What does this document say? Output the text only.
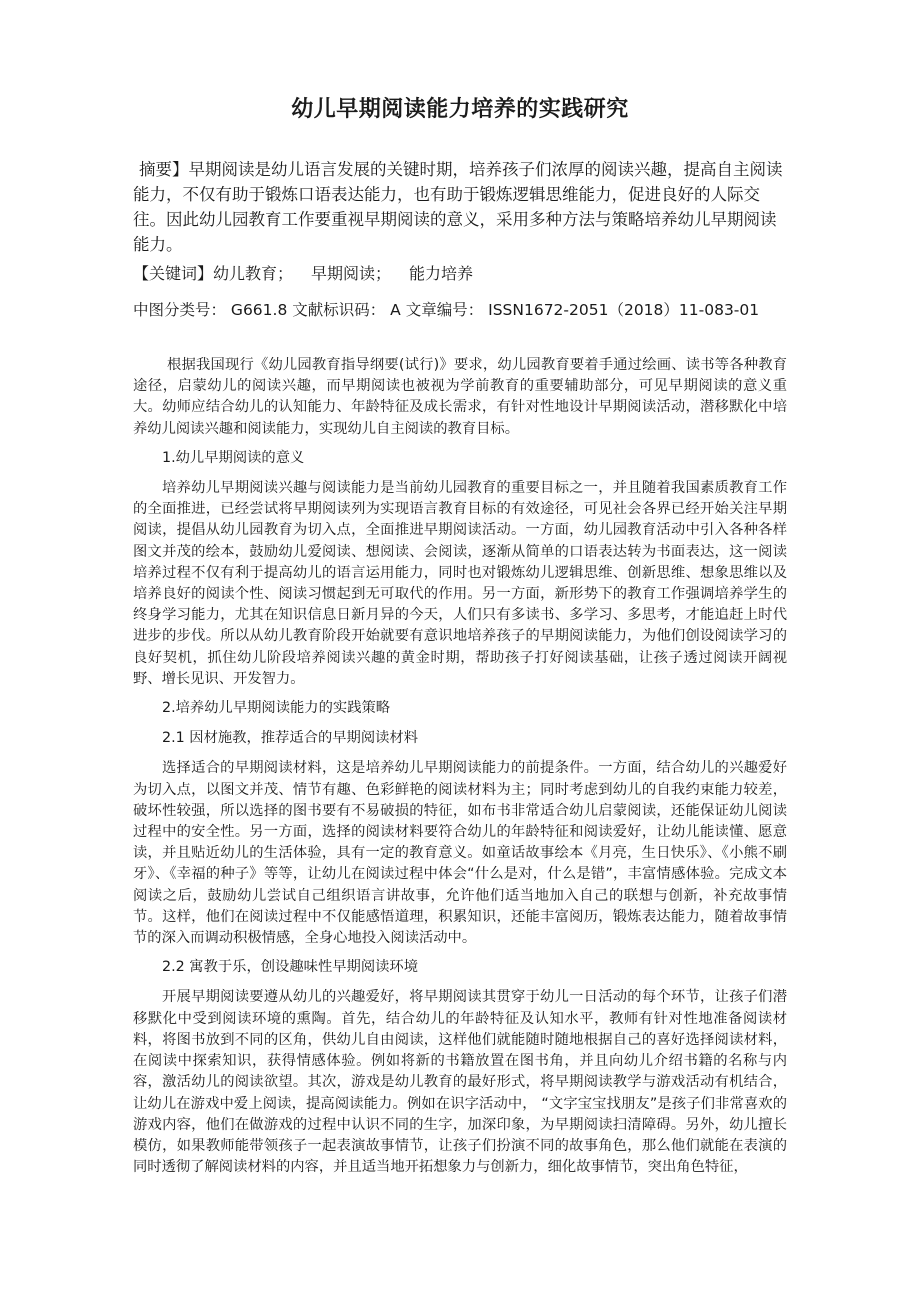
幼儿早期阅读能力培养的实践研究
摘要】早期阅读是幼儿语言发展的关键时期，培养孩子们浓厚的阅读兴趣，提高自主阅读能力，不仅有助于锻炼口语表达能力，也有助于锻炼逻辑思维能力，促进良好的人际交往。因此幼儿园教育工作要重视早期阅读的意义，采用多种方法与策略培养幼儿早期阅读能力。
【关键词】幼儿教育； 早期阅读； 能力培养
中图分类号： G661.8 文献标识码： A 文章编号： ISSN1672-2051（2018）11-083-01

根据我国现行《幼儿园教育指导纲要(试行)》要求，幼儿园教育要着手通过绘画、读书等各种教育途径，启蒙幼儿的阅读兴趣，而早期阅读也被视为学前教育的重要辅助部分，可见早期阅读的意义重大。幼师应结合幼儿的认知能力、年龄特征及成长需求，有针对性地设计早期阅读活动，潜移默化中培养幼儿阅读兴趣和阅读能力，实现幼儿自主阅读的教育目标。

1.幼儿早期阅读的意义

培养幼儿早期阅读兴趣与阅读能力是当前幼儿园教育的重要目标之一，并且随着我国素质教育工作的全面推进，已经尝试将早期阅读列为实现语言教育目标的有效途径，可见社会各界已经开始关注早期阅读，提倡从幼儿园教育为切入点，全面推进早期阅读活动。一方面，幼儿园教育活动中引入各种各样图文并茂的绘本，鼓励幼儿爱阅读、想阅读、会阅读，逐渐从简单的口语表达转为书面表达，这一阅读培养过程不仅有利于提高幼儿的语言运用能力，同时也对锻炼幼儿逻辑思维、创新思维、想象思维以及培养良好的阅读个性、阅读习惯起到无可取代的作用。另一方面，新形势下的教育工作强调培养学生的终身学习能力，尤其在知识信息日新月异的今天，人们只有多读书、多学习、多思考，才能追赶上时代进步的步伐。所以从幼儿教育阶段开始就要有意识地培养孩子的早期阅读能力，为他们创设阅读学习的良好契机，抓住幼儿阶段培养阅读兴趣的黄金时期，帮助孩子打好阅读基础，让孩子透过阅读开阔视野、增长见识、开发智力。

2.培养幼儿早期阅读能力的实践策略
2.1 因材施教，推荐适合的早期阅读材料

选择适合的早期阅读材料，这是培养幼儿早期阅读能力的前提条件。一方面，结合幼儿的兴趣爱好为切入点，以图文并茂、情节有趣、色彩鲜艳的阅读材料为主；同时考虑到幼儿的自我约束能力较差，破坏性较强，所以选择的图书要有不易破损的特征，如布书非常适合幼儿启蒙阅读，还能保证幼儿阅读过程中的安全性。另一方面，选择的阅读材料要符合幼儿的年龄特征和阅读爱好，让幼儿能读懂、愿意读，并且贴近幼儿的生活体验，具有一定的教育意义。如童话故事绘本《月亮，生日快乐》、《小熊不刷牙》、《幸福的种子》等等，让幼儿在阅读过程中体会“什么是对，什么是错”，丰富情感体验。完成文本阅读之后，鼓励幼儿尝试自己组织语言讲故事，允许他们适当地加入自己的联想与创新，补充故事情节。这样，他们在阅读过程中不仅能感悟道理，积累知识，还能丰富阅历，锻炼表达能力，随着故事情节的深入而调动积极情感，全身心地投入阅读活动中。

2.2 寓教于乐，创设趣味性早期阅读环境

开展早期阅读要遵从幼儿的兴趣爱好，将早期阅读其贯穿于幼儿一日活动的每个环节，让孩子们潜移默化中受到阅读环境的熏陶。首先，结合幼儿的年龄特征及认知水平，教师有针对性地准备阅读材料，将图书放到不同的区角，供幼儿自由阅读，这样他们就能随时随地根据自己的喜好选择阅读材料，在阅读中探索知识，获得情感体验。例如将新的书籍放置在图书角，并且向幼儿介绍书籍的名称与内容，激活幼儿的阅读欲望。其次，游戏是幼儿教育的最好形式，将早期阅读教学与游戏活动有机结合，让幼儿在游戏中爱上阅读，提高阅读能力。例如在识字活动中， “文字宝宝找朋友”是孩子们非常喜欢的游戏内容，他们在做游戏的过程中认识不同的生字，加深印象，为早期阅读扫清障碍。另外，幼儿擅长模仿，如果教师能带领孩子一起表演故事情节，让孩子们扮演不同的故事角色，那么他们就能在表演的同时透彻了解阅读材料的内容，并且适当地开拓想象力与创新力，细化故事情节，突出角色特征，
